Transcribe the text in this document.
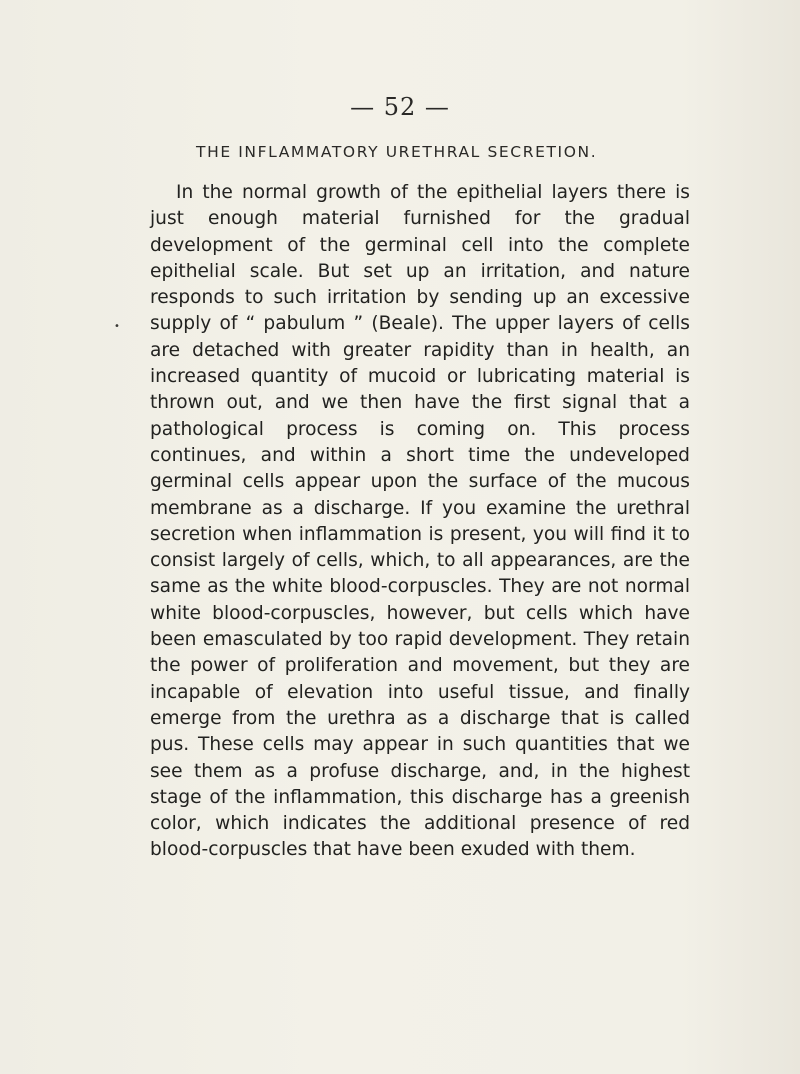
— 52 —
THE INFLAMMATORY URETHRAL SECRETION.
•

In the normal growth of the epithelial layers there is just enough material furnished for the gradual development of the germinal cell into the complete epithelial scale. But set up an irritation, and nature responds to such irritation by sending up an excessive supply of “ pabulum ” (Beale). The upper layers of cells are detached with greater rapidity than in health, an increased quantity of mucoid or lubricating material is thrown out, and we then have the first signal that a pathological process is coming on. This process continues, and within a short time the undeveloped germinal cells appear upon the surface of the mucous membrane as a discharge. If you examine the urethral secretion when inflammation is present, you will find it to consist largely of cells, which, to all appearances, are the same as the white blood-corpuscles. They are not normal white blood-corpuscles, however, but cells which have been emasculated by too rapid development. They retain the power of proliferation and movement, but they are incapable of elevation into useful tissue, and finally emerge from the urethra as a discharge that is called pus. These cells may appear in such quantities that we see them as a profuse discharge, and, in the highest stage of the inflammation, this discharge has a greenish color, which indicates the additional presence of red blood-corpuscles that have been exuded with them.
